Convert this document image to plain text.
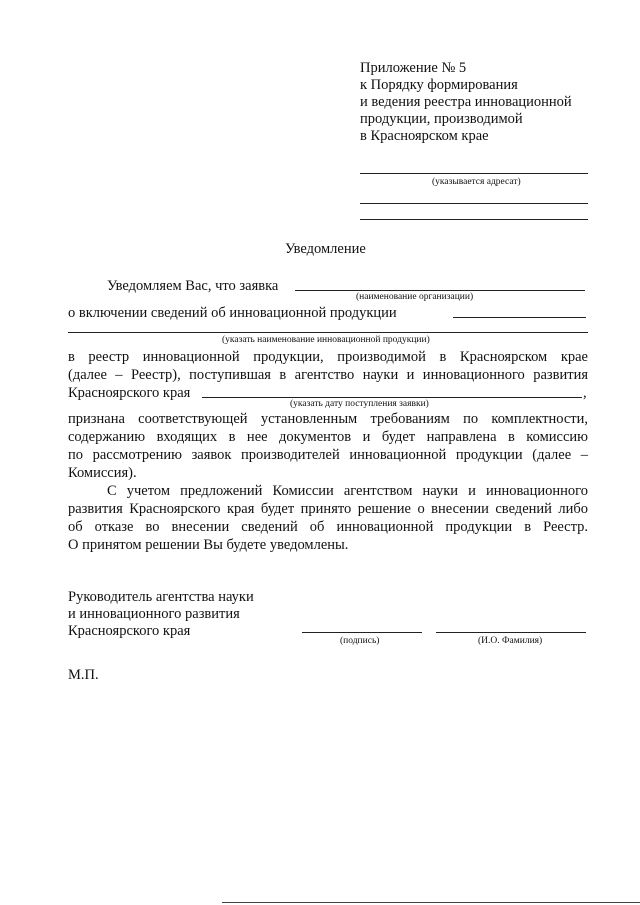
Приложение № 5
к Порядку формирования
и ведения реестра инновационной
продукции, производимой
в Красноярском крае
(указывается адресат)
Уведомление
Уведомляем Вас, что заявка
(наименование организации)
о включении сведений об инновационной продукции
(указать наименование инновационной продукции)
в реестр инновационной продукции, производимой в Красноярском крае
(далее – Реестр), поступившая в агентство науки и инновационного развития
Красноярского края	,
(указать дату поступления заявки)
признана соответствующей установленным требованиям по комплектности,
содержанию входящих в нее документов и будет направлена в комиссию
по рассмотрению заявок производителей инновационной продукции (далее –
Комиссия).
С учетом предложений Комиссии агентством науки и инновационного
развития Красноярского края будет принято решение о внесении сведений либо
об отказе во внесении сведений об инновационной продукции в Реестр.
О принятом решении Вы будете уведомлены.
Руководитель агентства науки
и инновационного развития
Красноярского края
(подпись)	(И.О. Фамилия)
М.П.
